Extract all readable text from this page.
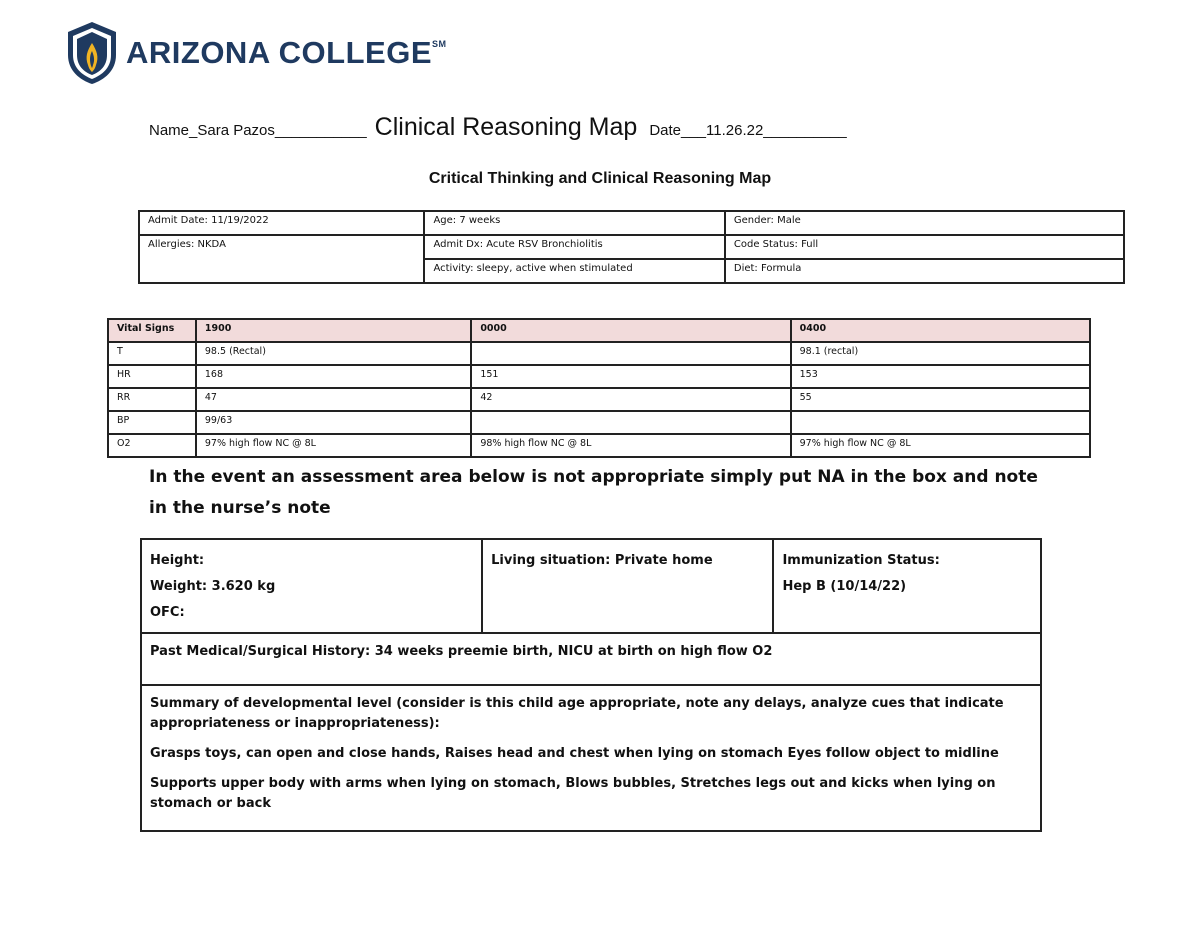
ARIZONA COLLEGE℠
Name_Sara Pazos___________ Clinical Reasoning Map Date___11.26.22__________
Critical Thinking and Clinical Reasoning Map
Admit Date: 11/19/2022	Age: 7 weeks	Gender: Male
Allergies: NKDA	Admit Dx: Acute RSV Bronchiolitis	Code Status: Full
	Activity: sleepy, active when stimulated	Diet: Formula
Vital Signs	1900	0000	0400
T	98.5 (Rectal)		98.1 (rectal)
HR	168	151	153
RR	47	42	55
BP	99/63		
O2	97% high flow NC @ 8L	98% high flow NC @ 8L	97% high flow NC @ 8L
In the event an assessment area below is not appropriate simply put NA in the box and note in the nurse’s note
Height:
Weight: 3.620 kg
OFC:

Living situation: Private home	Immunization Status:
Hep B (10/14/22)

Past Medical/Surgical History: 34 weeks preemie birth, NICU at birth on high flow O2

Summary of developmental level (consider is this child age appropriate, note any delays, analyze cues that indicate appropriateness or inappropriateness):
Grasps toys, can open and close hands, Raises head and chest when lying on stomach Eyes follow object to midline
Supports upper body with arms when lying on stomach, Blows bubbles, Stretches legs out and kicks when lying on stomach or back
